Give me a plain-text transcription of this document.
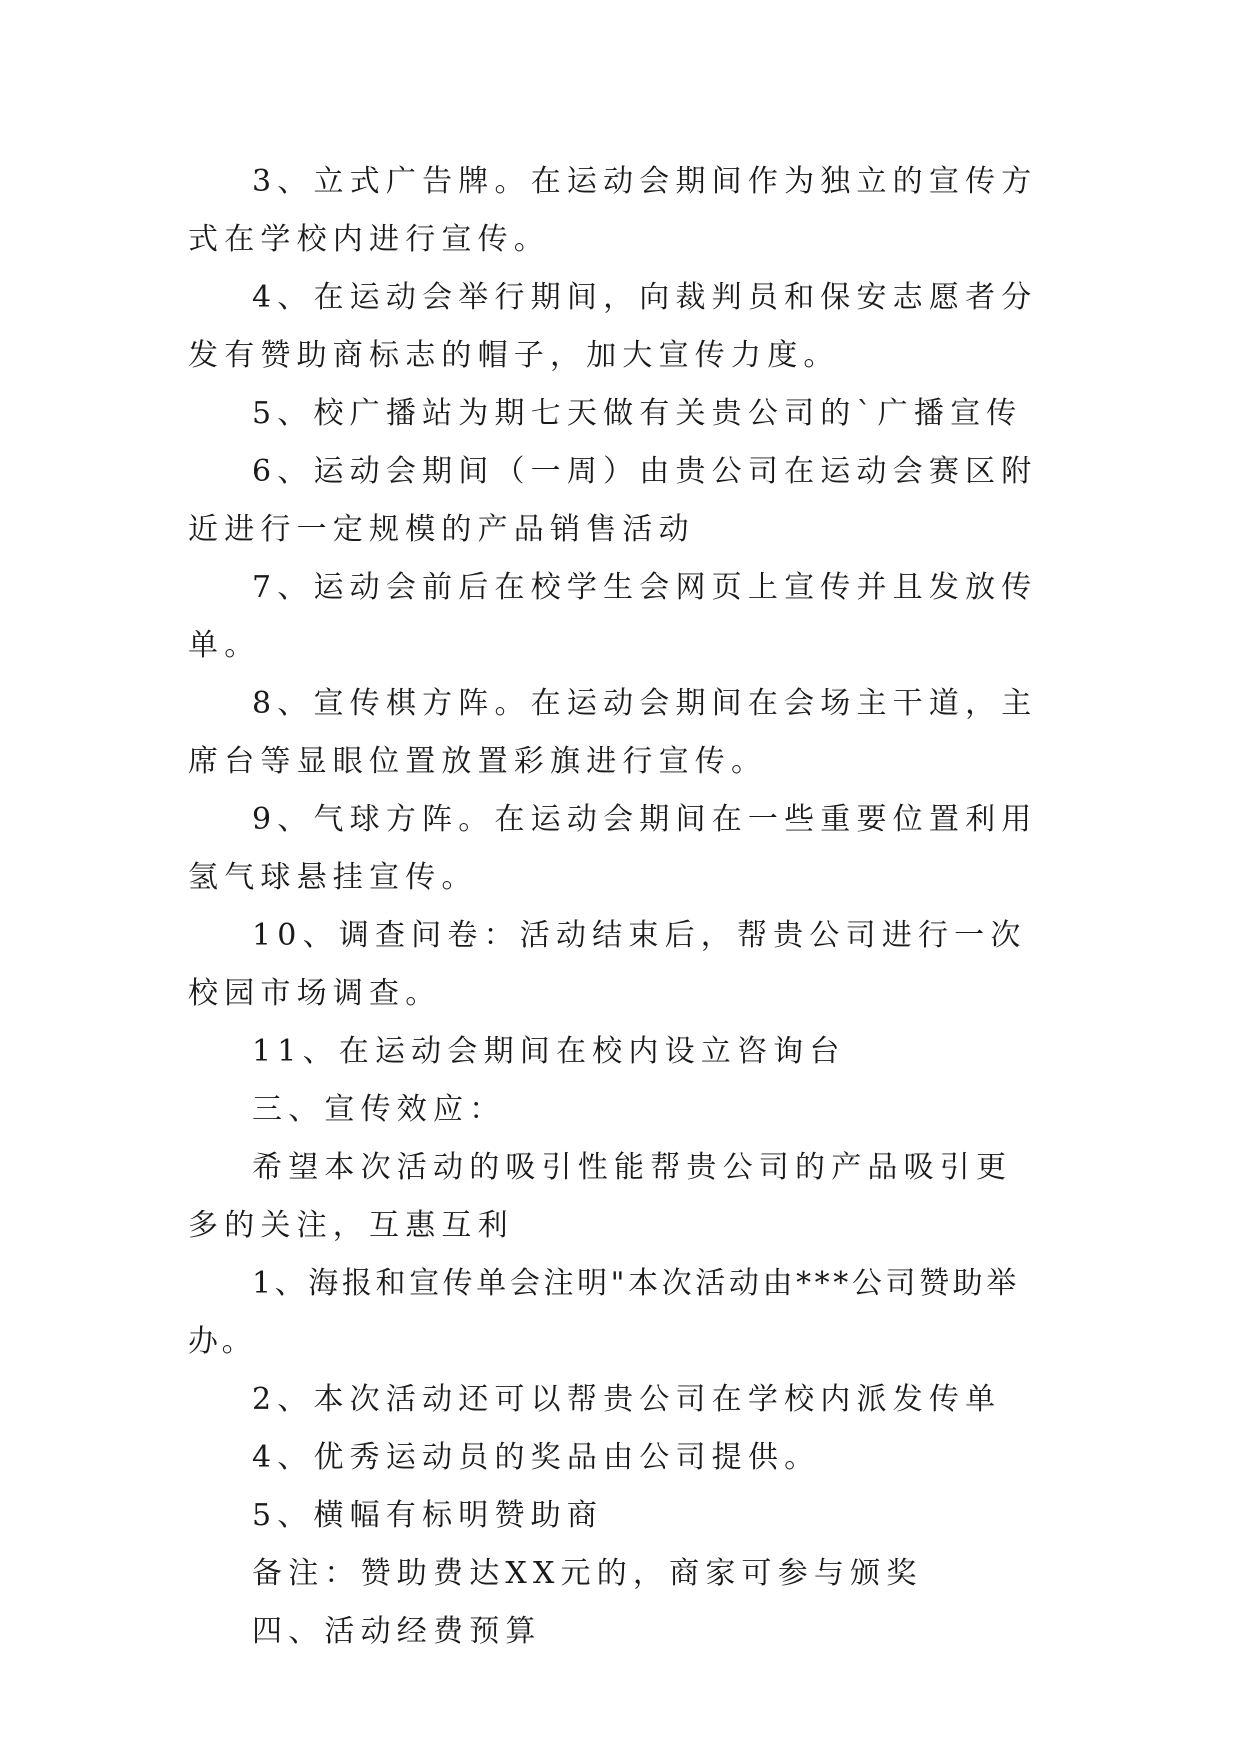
3、立式广告牌。在运动会期间作为独立的宣传方式在学校内进行宣传。

4、在运动会举行期间，向裁判员和保安志愿者分发有赞助商标志的帽子，加大宣传力度。

5、校广播站为期七天做有关贵公司的`广播宣传

6、运动会期间（一周）由贵公司在运动会赛区附近进行一定规模的产品销售活动

7、运动会前后在校学生会网页上宣传并且发放传单。

8、宣传棋方阵。在运动会期间在会场主干道，主席台等显眼位置放置彩旗进行宣传。

9、气球方阵。在运动会期间在一些重要位置利用氢气球悬挂宣传。

10、调查问卷：活动结束后，帮贵公司进行一次校园市场调查。

11、在运动会期间在校内设立咨询台

三、宣传效应：

希望本次活动的吸引性能帮贵公司的产品吸引更多的关注，互惠互利

1、海报和宣传单会注明"本次活动由***公司赞助举办。

2、本次活动还可以帮贵公司在学校内派发传单

4、优秀运动员的奖品由公司提供。

5、横幅有标明赞助商

备注：赞助费达XX元的，商家可参与颁奖

四、活动经费预算
